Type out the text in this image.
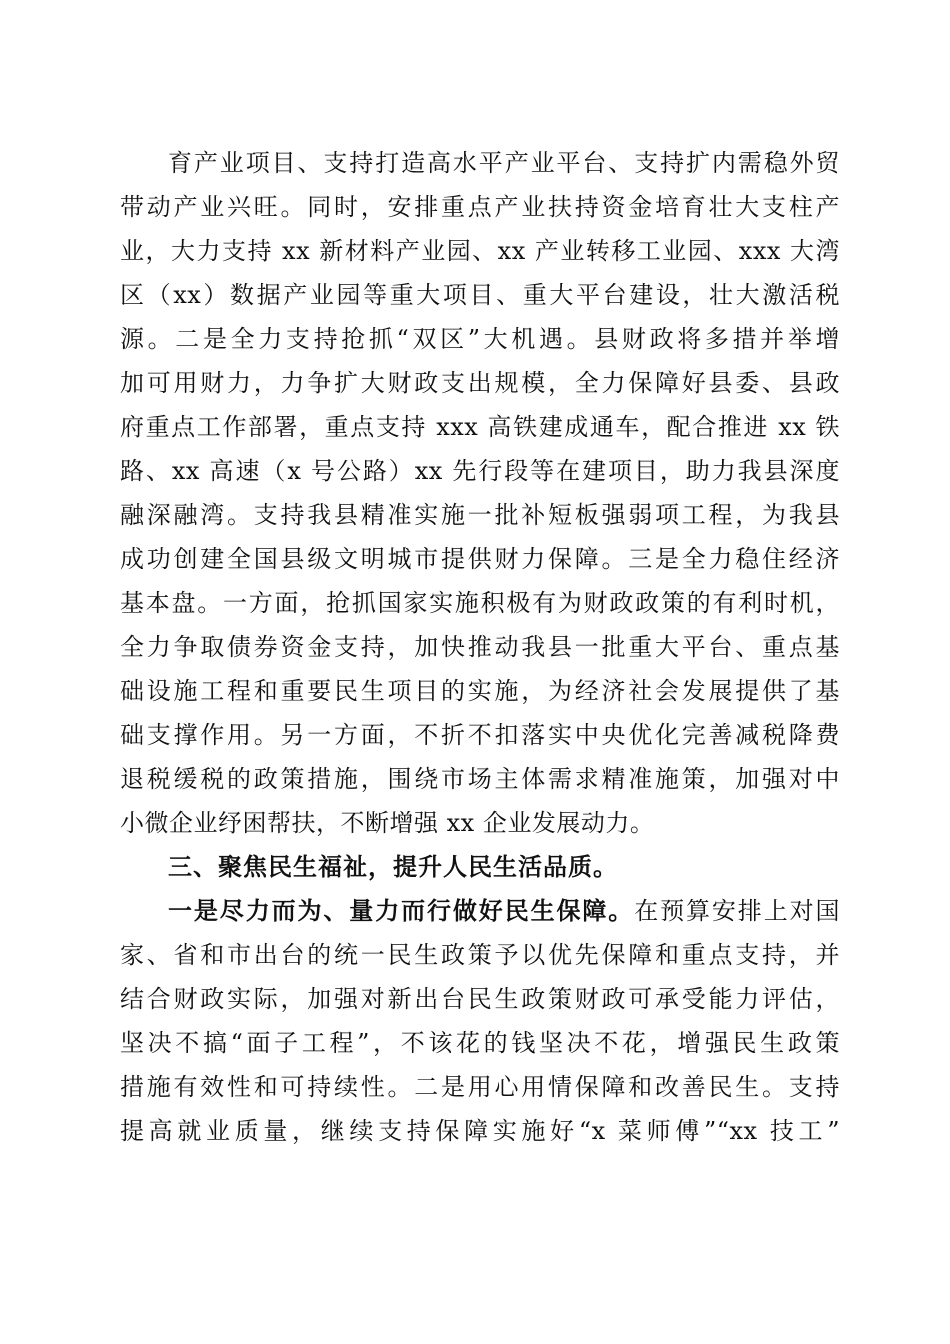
育产业项目、支持打造高水平产业平台、支持扩内需稳外贸
带动产业兴旺。同时，安排重点产业扶持资金培育壮大支柱产
业，大力支持 xx 新材料产业园、xx 产业转移工业园、xxx 大湾
区（xx）数据产业园等重大项目、重大平台建设，壮大激活税
源。二是全力支持抢抓“双区”大机遇。县财政将多措并举增
加可用财力，力争扩大财政支出规模，全力保障好县委、县政
府重点工作部署，重点支持 xxx 高铁建成通车，配合推进 xx 铁
路、xx 高速（x 号公路）xx 先行段等在建项目，助力我县深度
融深融湾。支持我县精准实施一批补短板强弱项工程，为我县
成功创建全国县级文明城市提供财力保障。三是全力稳住经济
基本盘。一方面，抢抓国家实施积极有为财政政策的有利时机，
全力争取债券资金支持，加快推动我县一批重大平台、重点基
础设施工程和重要民生项目的实施，为经济社会发展提供了基
础支撑作用。另一方面，不折不扣落实中央优化完善减税降费
退税缓税的政策措施，围绕市场主体需求精准施策，加强对中
小微企业纾困帮扶，不断增强 xx 企业发展动力。
三、聚焦民生福祉，提升人民生活品质。
一是尽力而为、量力而行做好民生保障。在预算安排上对国
家、省和市出台的统一民生政策予以优先保障和重点支持，并
结合财政实际，加强对新出台民生政策财政可承受能力评估，
坚决不搞“面子工程”，不该花的钱坚决不花，增强民生政策
措施有效性和可持续性。二是用心用情保障和改善民生。支持
提高就业质量，继续支持保障实施好“x 菜师傅”“xx 技工”
